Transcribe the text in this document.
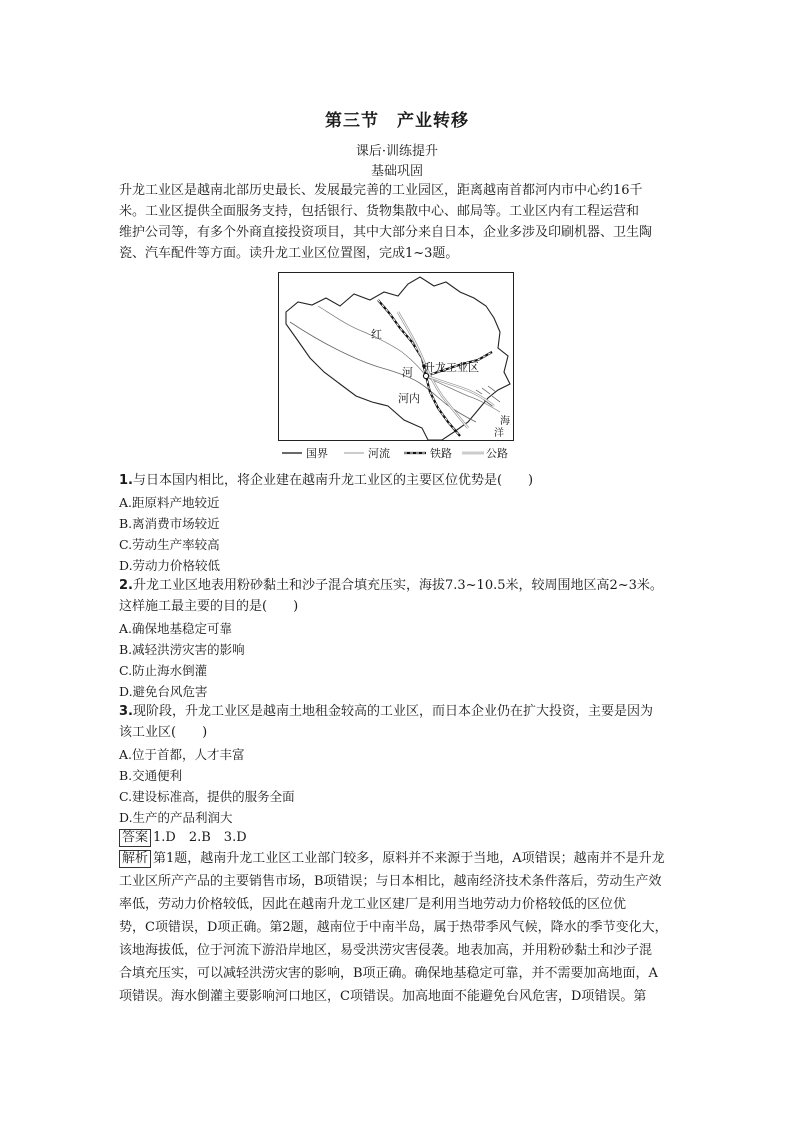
第三节 产业转移
课后·训练提升
基础巩固
升龙工业区是越南北部历史最长、发展最完善的工业园区，距离越南首都河内市中心约16千
米。工业区提供全面服务支持，包括银行、货物集散中心、邮局等。工业区内有工程运营和
维护公司等，有多个外商直接投资项目，其中大部分来自日本，企业多涉及印刷机器、卫生陶
瓷、汽车配件等方面。读升龙工业区位置图，完成1~3题。
红
河 升龙工业区
河内
海
洋
国界	河流	铁路	公路
1.与日本国内相比，将企业建在越南升龙工业区的主要区位优势是(　　)
A.距原料产地较近
B.离消费市场较近
C.劳动生产率较高
D.劳动力价格较低
2.升龙工业区地表用粉砂黏土和沙子混合填充压实，海拔7.3~10.5米，较周围地区高2~3米。
这样施工最主要的目的是(　　)
A.确保地基稳定可靠
B.减轻洪涝灾害的影响
C.防止海水倒灌
D.避免台风危害
3.现阶段，升龙工业区是越南土地租金较高的工业区，而日本企业仍在扩大投资，主要是因为
该工业区(　　)
A.位于首都，人才丰富
B.交通便利
C.建设标准高，提供的服务全面
D.生产的产品利润大
答案 1.D　2.B　3.D
解析 第1题，越南升龙工业区工业部门较多，原料并不来源于当地，A项错误；越南并不是升龙
工业区所产产品的主要销售市场，B项错误；与日本相比，越南经济技术条件落后，劳动生产效
率低，劳动力价格较低，因此在越南升龙工业区建厂是利用当地劳动力价格较低的区位优
势，C项错误，D项正确。第2题，越南位于中南半岛，属于热带季风气候，降水的季节变化大，
该地海拔低，位于河流下游沿岸地区，易受洪涝灾害侵袭。地表加高，并用粉砂黏土和沙子混
合填充压实，可以减轻洪涝灾害的影响，B项正确。确保地基稳定可靠，并不需要加高地面，A
项错误。海水倒灌主要影响河口地区，C项错误。加高地面不能避免台风危害，D项错误。第
